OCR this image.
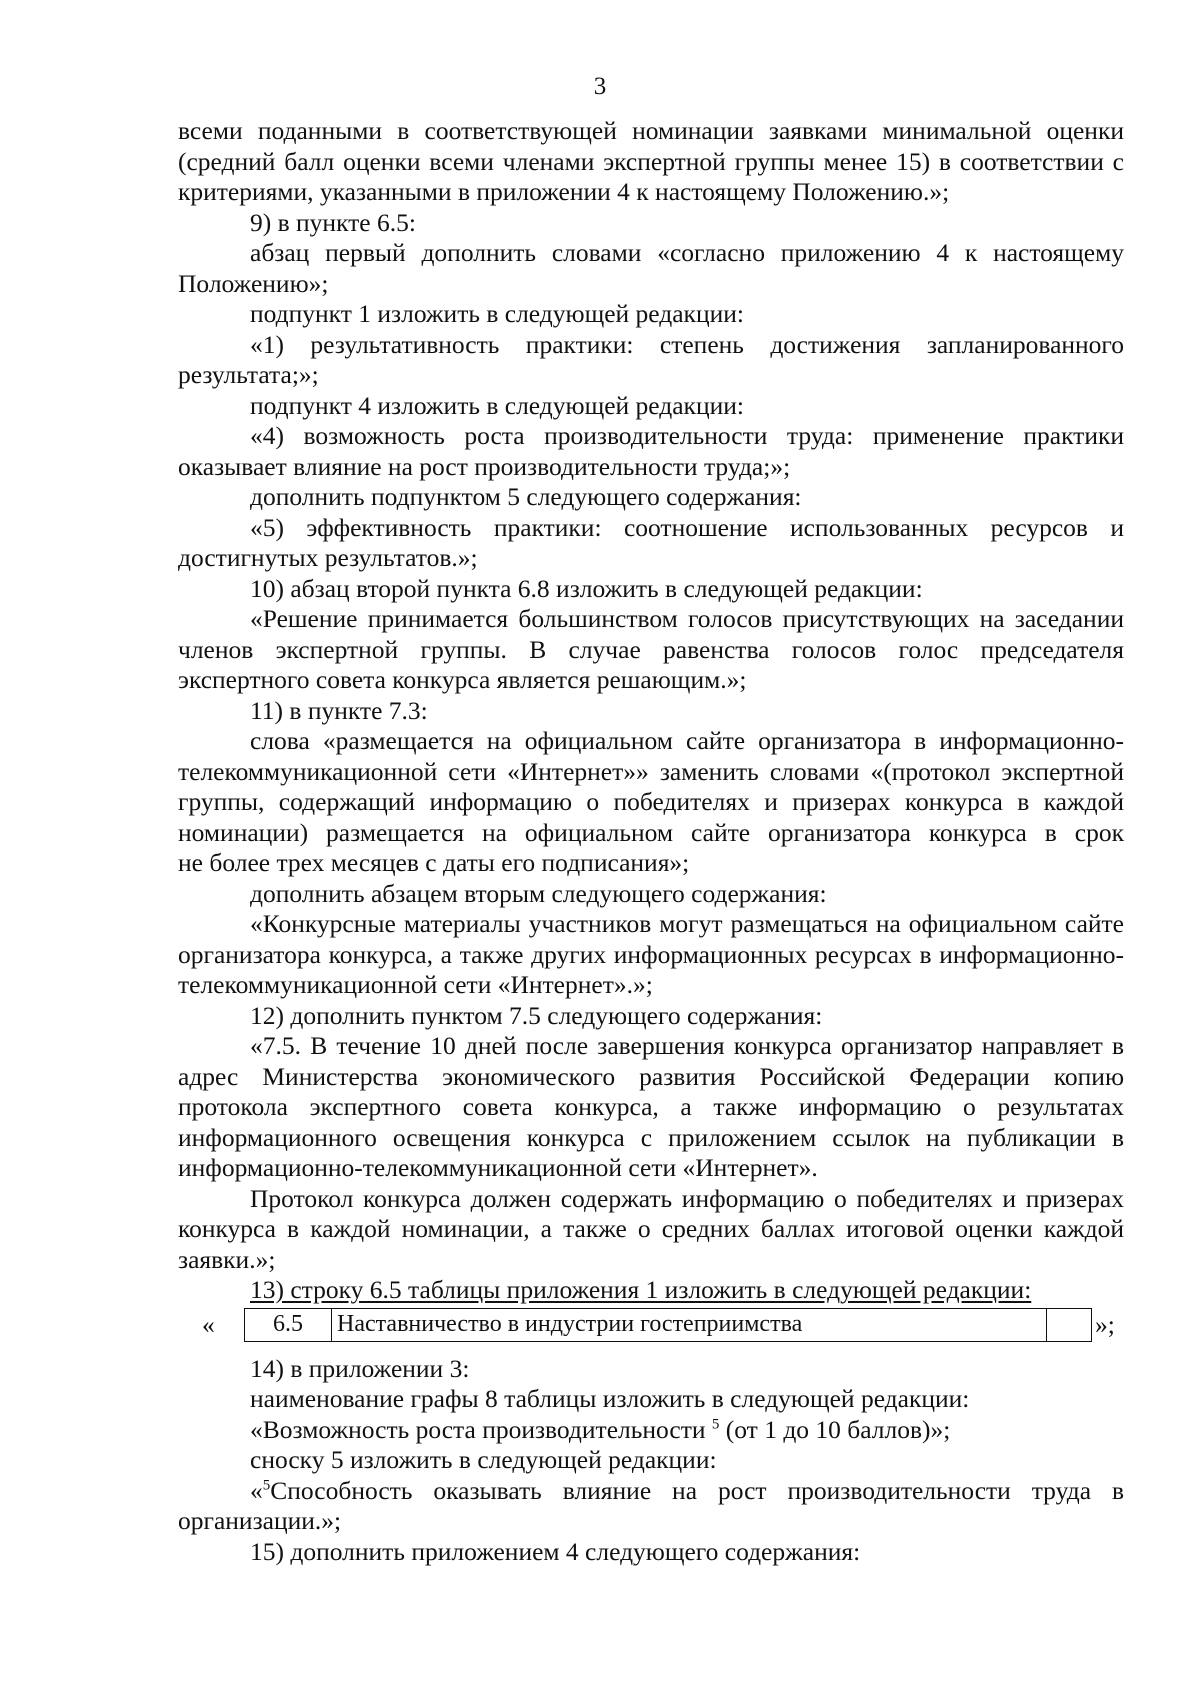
3

всеми поданными в соответствующей номинации заявками минимальной оценки (средний балл оценки всеми членами экспертной группы менее 15) в соответствии с критериями, указанными в приложении 4 к настоящему Положению.»;

9) в пункте 6.5:

абзац первый дополнить словами «согласно приложению 4 к настоящему Положению»;

подпункт 1 изложить в следующей редакции:

«1) результативность практики: степень достижения запланированного результата;»;

подпункт 4 изложить в следующей редакции:

«4) возможность роста производительности труда: применение практики оказывает влияние на рост производительности труда;»;

дополнить подпунктом 5 следующего содержания:

«5) эффективность практики: соотношение использованных ресурсов и достигнутых результатов.»;

10) абзац второй пункта 6.8 изложить в следующей редакции:

«Решение принимается большинством голосов присутствующих на заседании членов экспертной группы. В случае равенства голосов голос председателя экспертного совета конкурса является решающим.»;

11) в пункте 7.3:

слова «размещается на официальном сайте организатора в информационно-телекоммуникационной сети «Интернет»» заменить словами «(протокол экспертной группы, содержащий информацию о победителях и призерах конкурса в каждой номинации) размещается на официальном сайте организатора конкурса в срок

не более трех месяцев с даты его подписания»;

дополнить абзацем вторым следующего содержания:

«Конкурсные материалы участников могут размещаться на официальном сайте организатора конкурса, а также других информационных ресурсах в информационно-телекоммуникационной сети «Интернет».»;

12) дополнить пунктом 7.5 следующего содержания:

«7.5. В течение 10 дней после завершения конкурса организатор направляет в адрес Министерства экономического развития Российской Федерации копию протокола экспертного совета конкурса, а также информацию о результатах информационного освещения конкурса с приложением ссылок на публикации в информационно-телекоммуникационной сети «Интернет».

Протокол конкурса должен содержать информацию о победителях и призерах конкурса в каждой номинации, а также о средних баллах итоговой оценки каждой заявки.»;

13) строку 6.5 таблицы приложения 1 изложить в следующей редакции:

« 6.5	Наставничество в индустрии гостеприимства		»;

14) в приложении 3:

наименование графы 8 таблицы изложить в следующей редакции:

«Возможность роста производительности $^5$ (от 1 до 10 баллов)»;

сноску 5 изложить в следующей редакции:

«$^5$Способность оказывать влияние на рост производительности труда в организации.»;

15) дополнить приложением 4 следующего содержания:
